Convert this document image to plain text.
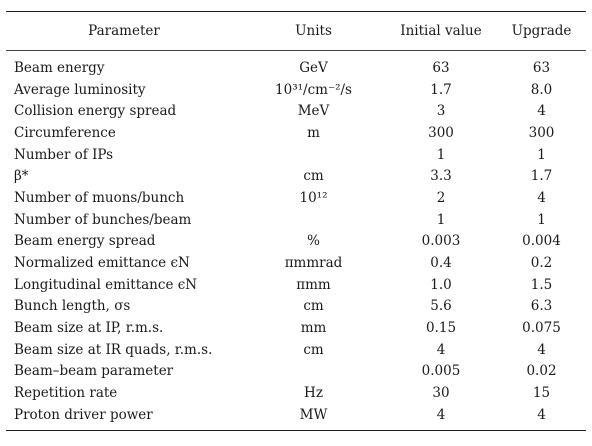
Parameter	Units	Initial value	Upgrade
Beam energy	GeV	63	63
Average luminosity	10³¹/cm⁻²/s	1.7	8.0
Collision energy spread	MeV	3	4
Circumference	m	300	300
Number of IPs		1	1
β*	cm	3.3	1.7
Number of muons/bunch	10¹²	2	4
Number of bunches/beam		1	1
Beam energy spread	%	0.003	0.004
Normalized emittance ϵN	πmmrad	0.4	0.2
Longitudinal emittance ϵN	πmm	1.0	1.5
Bunch length, σs	cm	5.6	6.3
Beam size at IP, r.m.s.	mm	0.15	0.075
Beam size at IR quads, r.m.s.	cm	4	4
Beam–beam parameter		0.005	0.02
Repetition rate	Hz	30	15
Proton driver power	MW	4	4
